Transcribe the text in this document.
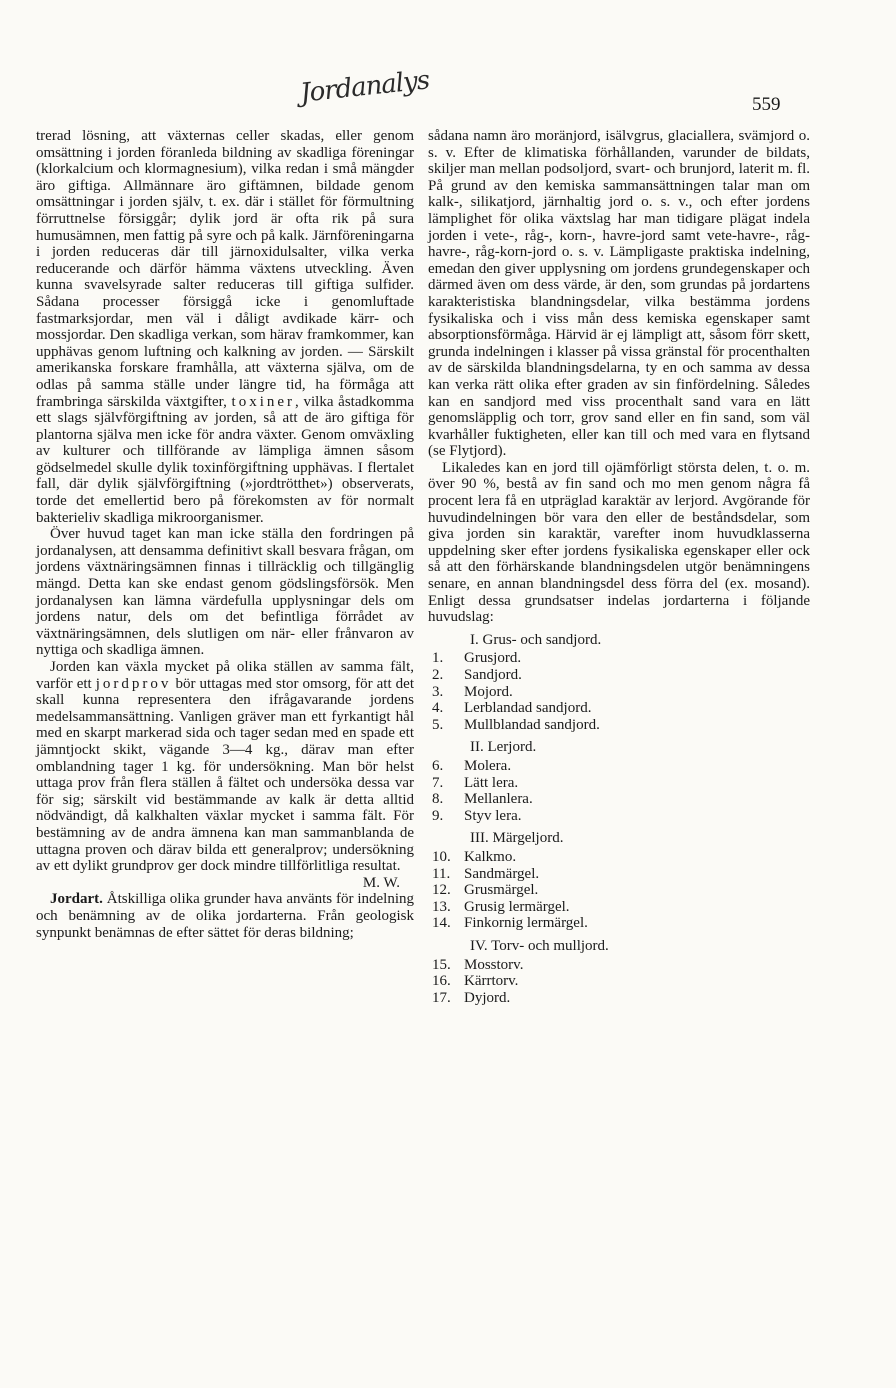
Jordanalys	559

trerad lösning, att växternas celler skadas, eller genom omsättning i jorden föranleda bildning av skadliga föreningar (klorkalcium och klormagnesium), vilka redan i små mängder äro giftiga. Allmännare äro giftämnen, bildade genom omsättningar i jorden själv, t. ex. där i stället för förmultning förruttnelse försiggår; dylik jord är ofta rik på sura humusämnen, men fattig på syre och på kalk. Järnföreningarna i jorden reduceras där till järnoxidulsalter, vilka verka reducerande och därför hämma växtens utveckling. Även kunna svavelsyrade salter reduceras till giftiga sulfider. Sådana processer försiggå icke i genomluftade fastmarksjordar, men väl i dåligt avdikade kärr- och mossjordar. Den skadliga verkan, som härav framkommer, kan upphävas genom luftning och kalkning av jorden. — Särskilt amerikanska forskare framhålla, att växterna själva, om de odlas på samma ställe under längre tid, ha förmåga att frambringa särskilda växtgifter, toxiner, vilka åstadkomma ett slags självförgiftning av jorden, så att de äro giftiga för plantorna själva men icke för andra växter. Genom omväxling av kulturer och tillförande av lämpliga ämnen såsom gödselmedel skulle dylik toxinförgiftning upphävas. I flertalet fall, där dylik självförgiftning (»jordtrötthet») observerats, torde det emellertid bero på förekomsten av för normalt bakterieliv skadliga mikroorganismer.

Över huvud taget kan man icke ställa den fordringen på jordanalysen, att densamma definitivt skall besvara frågan, om jordens växtnäringsämnen finnas i tillräcklig och tillgänglig mängd. Detta kan ske endast genom gödslingsförsök. Men jordanalysen kan lämna värdefulla upplysningar dels om jordens natur, dels om det befintliga förrådet av växtnäringsämnen, dels slutligen om när- eller frånvaron av nyttiga och skadliga ämnen.

Jorden kan växla mycket på olika ställen av samma fält, varför ett jordprov bör uttagas med stor omsorg, för att det skall kunna representera den ifrågavarande jordens medelsammansättning. Vanligen gräver man ett fyrkantigt hål med en skarpt markerad sida och tager sedan med en spade ett jämntjockt skikt, vägande 3—4 kg., därav man efter omblandning tager 1 kg. för undersökning. Man bör helst uttaga prov från flera ställen å fältet och undersöka dessa var för sig; särskilt vid bestämmande av kalk är detta alltid nödvändigt, då kalkhalten växlar mycket i samma fält. För bestämning av de andra ämnena kan man sammanblanda de uttagna proven och därav bilda ett generalprov; undersökning av ett dylikt grundprov ger dock mindre tillförlitliga resultat.

M. W.

Jordart. Åtskilliga olika grunder hava använts för indelning och benämning av de olika jordarterna. Från geologisk synpunkt benämnas de efter sättet för deras bildning;

sådana namn äro moränjord, isälvgrus, glaciallera, svämjord o. s. v. Efter de klimatiska förhållanden, varunder de bildats, skiljer man mellan podsoljord, svart- och brunjord, laterit m. fl. På grund av den kemiska sammansättningen talar man om kalk-, silikatjord, järnhaltig jord o. s. v., och efter jordens lämplighet för olika växtslag har man tidigare plägat indela jorden i vete-, råg-, korn-, havre-jord samt vete-havre-, råg-havre-, råg-korn-jord o. s. v. Lämpligaste praktiska indelning, emedan den giver upplysning om jordens grundegenskaper och därmed även om dess värde, är den, som grundas på jordartens karakteristiska blandningsdelar, vilka bestämma jordens fysikaliska och i viss mån dess kemiska egenskaper samt absorptionsförmåga. Härvid är ej lämpligt att, såsom förr skett, grunda indelningen i klasser på vissa gränstal för procenthalten av de särskilda blandningsdelarna, ty en och samma av dessa kan verka rätt olika efter graden av sin finfördelning. Således kan en sandjord med viss procenthalt sand vara en lätt genomsläpplig och torr, grov sand eller en fin sand, som väl kvarhåller fuktigheten, eller kan till och med vara en flytsand (se Flytjord).

Likaledes kan en jord till ojämförligt största delen, t. o. m. över 90 %, bestå av fin sand och mo men genom några få procent lera få en utpräglad karaktär av lerjord. Avgörande för huvudindelningen bör vara den eller de beståndsdelar, som giva jorden sin karaktär, varefter inom huvudklasserna uppdelning sker efter jordens fysikaliska egenskaper eller ock så att den förhärskande blandningsdelen utgör benämningens senare, en annan blandningsdel dess förra del (ex. mosand). Enligt dessa grundsatser indelas jordarterna i följande huvudslag:

I. Grus- och sandjord.
1.	Grusjord.
2.	Sandjord.
3.	Mojord.
4.	Lerblandad sandjord.
5.	Mullblandad sandjord.
II. Lerjord.
6.	Molera.
7.	Lätt lera.
8.	Mellanlera.
9.	Styv lera.
III. Märgeljord.
10. Kalkmo.
11. Sandmärgel.
12. Grusmärgel.
13. Grusig lermärgel.
14. Finkornig lermärgel.
IV. Torv- och mulljord.
15. Mosstorv.
16. Kärrtorv.
17. Dyjord.
